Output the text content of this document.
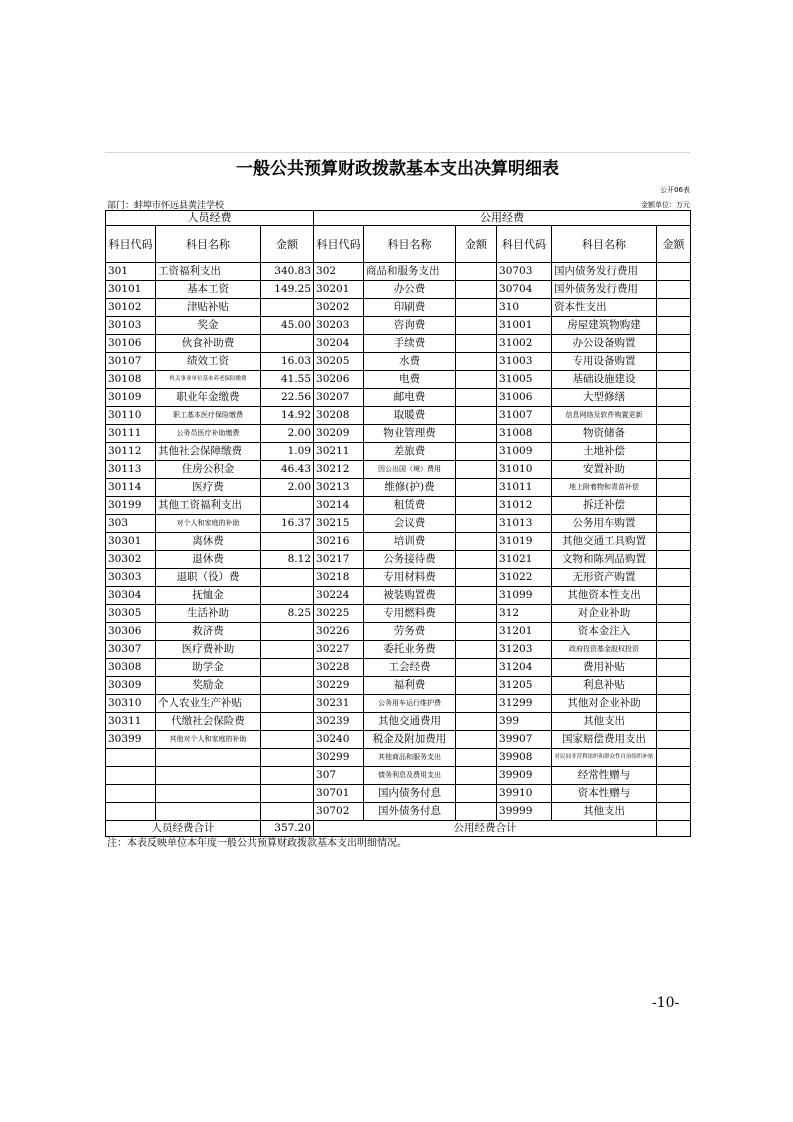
一般公共预算财政拨款基本支出决算明细表
公开06表
部门：蚌埠市怀远县黄洼学校	金额单位：万元
人员经费			公用经费					
科目代码	科目名称	金额	科目代码	科目名称	金额	科目代码	科目名称	金额
301	工资福利支出	340.83	302	商品和服务支出		30703	国内债务发行费用	
30101	基本工资	149.25	30201	办公费		30704	国外债务发行费用	
30102	津贴补贴		30202	印刷费		310	资本性支出	
30103	奖金	45.00	30203	咨询费		31001	房屋建筑物购建	
30106	伙食补助费		30204	手续费		31002	办公设备购置	
30107	绩效工资	16.03	30205	水费		31003	专用设备购置	
30108	机关事业单位基本养老保险缴费	41.55	30206	电费		31005	基础设施建设	
30109	职业年金缴费	22.56	30207	邮电费		31006	大型修缮	
30110	职工基本医疗保险缴费	14.92	30208	取暖费		31007	信息网络及软件购置更新	
30111	公务员医疗补助缴费	2.00	30209	物业管理费		31008	物资储备	
30112	其他社会保障缴费	1.09	30211	差旅费		31009	土地补偿	
30113	住房公积金	46.43	30212	因公出国（境）费用		31010	安置补助	
30114	医疗费	2.00	30213	维修(护)费		31011	地上附着物和青苗补偿	
30199	其他工资福利支出		30214	租赁费		31012	拆迁补偿	
303	对个人和家庭的补助	16.37	30215	会议费		31013	公务用车购置	
30301	离休费		30216	培训费		31019	其他交通工具购置	
30302	退休费	8.12	30217	公务接待费		31021	文物和陈列品购置	
30303	退职（役）费		30218	专用材料费		31022	无形资产购置	
30304	抚恤金		30224	被装购置费		31099	其他资本性支出	
30305	生活补助	8.25	30225	专用燃料费		312	对企业补助	
30306	救济费		30226	劳务费		31201	资本金注入	
30307	医疗费补助		30227	委托业务费		31203	政府投资基金股权投资	
30308	助学金		30228	工会经费		31204	费用补贴	
30309	奖励金		30229	福利费		31205	利息补贴	
30310	个人农业生产补贴		30231	公务用车运行维护费		31299	其他对企业补助	
30311	代缴社会保险费		30239	其他交通费用		399	其他支出	
30399	其他对个人和家庭的补助		30240	税金及附加费用		39907	国家赔偿费用支出	
			30299	其他商品和服务支出		39908	对民间非营利组织和群众性自治组织补贴	
			307	债务利息及费用支出		39909	经常性赠与	
			30701	国内债务付息		39910	资本性赠与	
			30702	国外债务付息		39999	其他支出	
人员经费合计		357.20	公用经费合计					
注：本表反映单位本年度一般公共预算财政拨款基本支出明细情况。
-10-
